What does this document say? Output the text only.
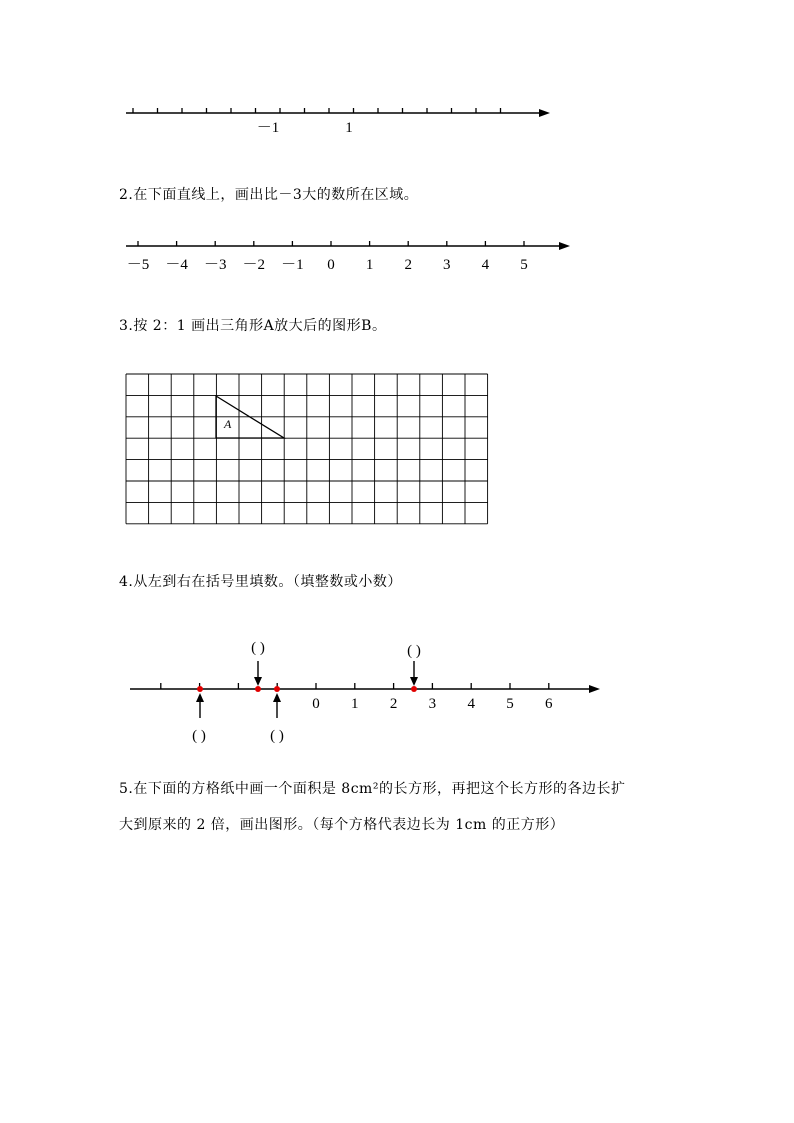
－1	1
2.在下面直线上，画出比－3大的数所在区域。
－5 －4 －3 －2 －1 0 1 2 3 4 5
3.按 2：1 画出三角形A放大后的图形B。
A
4.从左到右在括号里填数。（填整数或小数）
0 1 2 3 4 5 6
( )	( )
( )	( )
5.在下面的方格纸中画一个面积是 8cm²的长方形，再把这个长方形的各边长扩
大到原来的 2 倍，画出图形。（每个方格代表边长为 1cm 的正方形）
